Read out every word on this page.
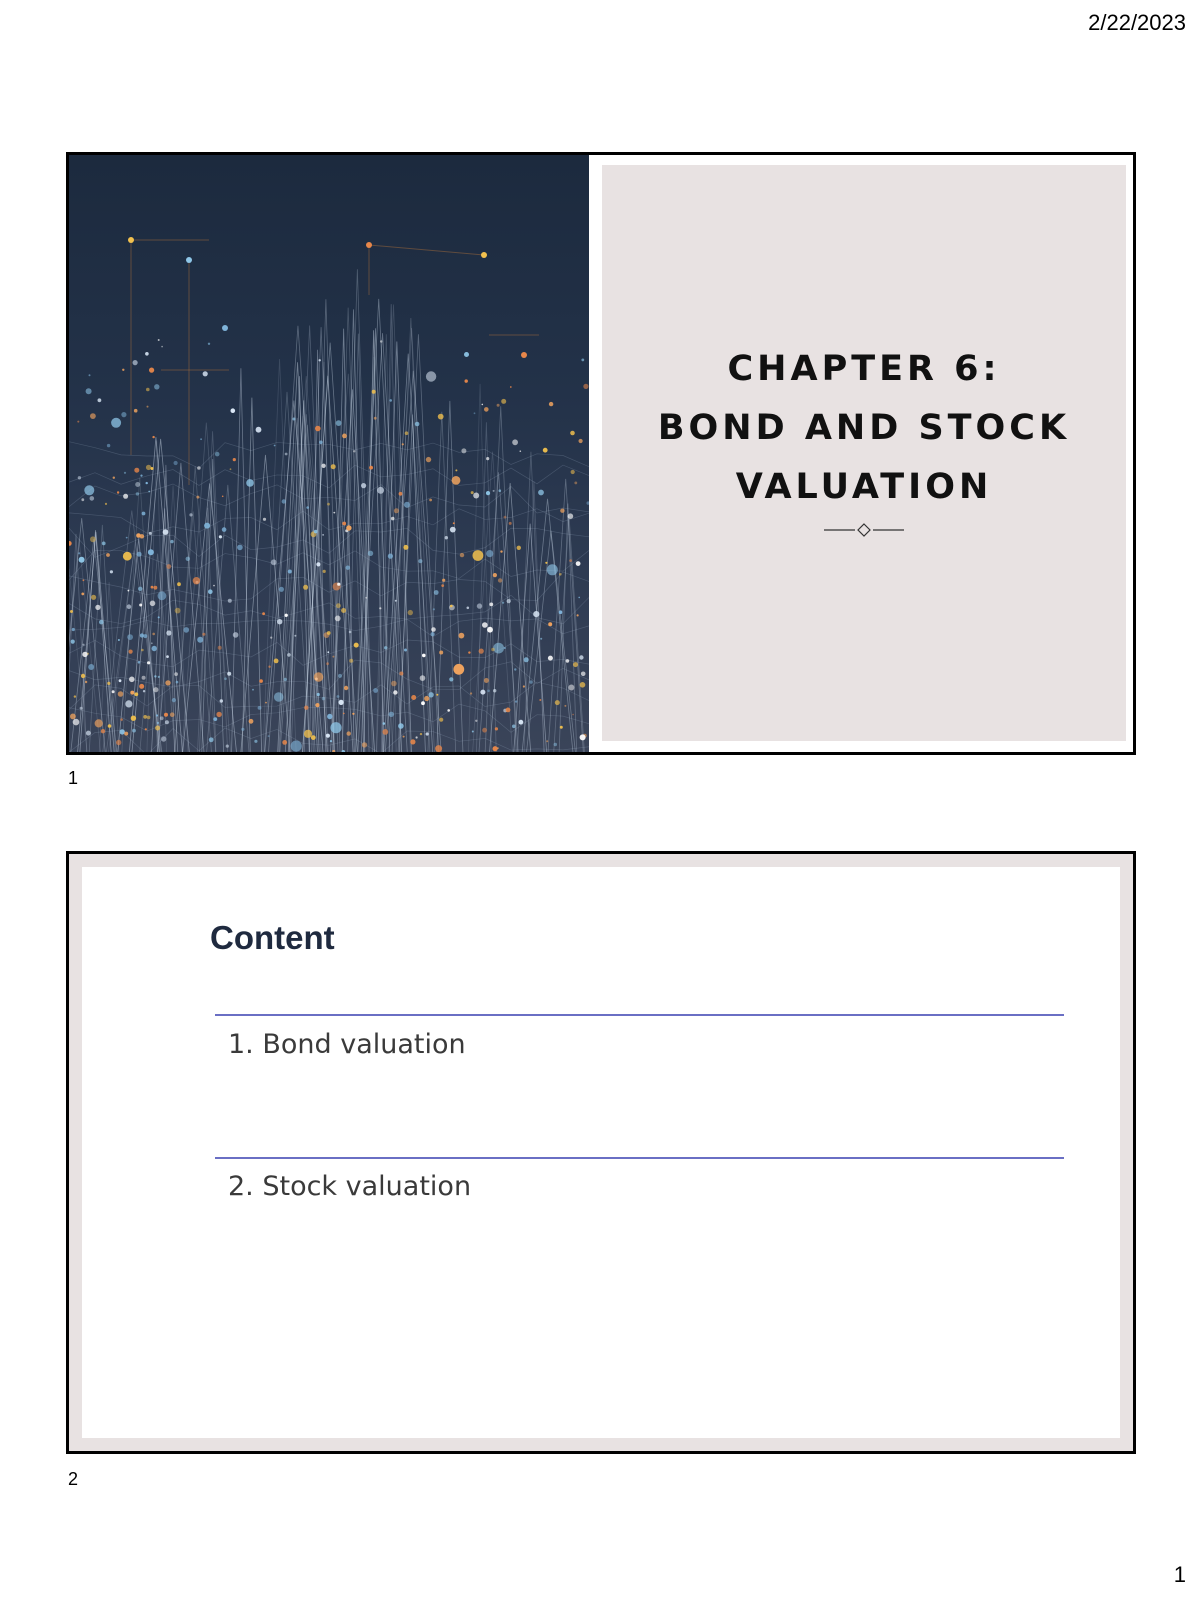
2/22/2023
CHAPTER 6:
BOND AND STOCK
VALUATION
1
Content
1. Bond valuation
2. Stock valuation
2
1
